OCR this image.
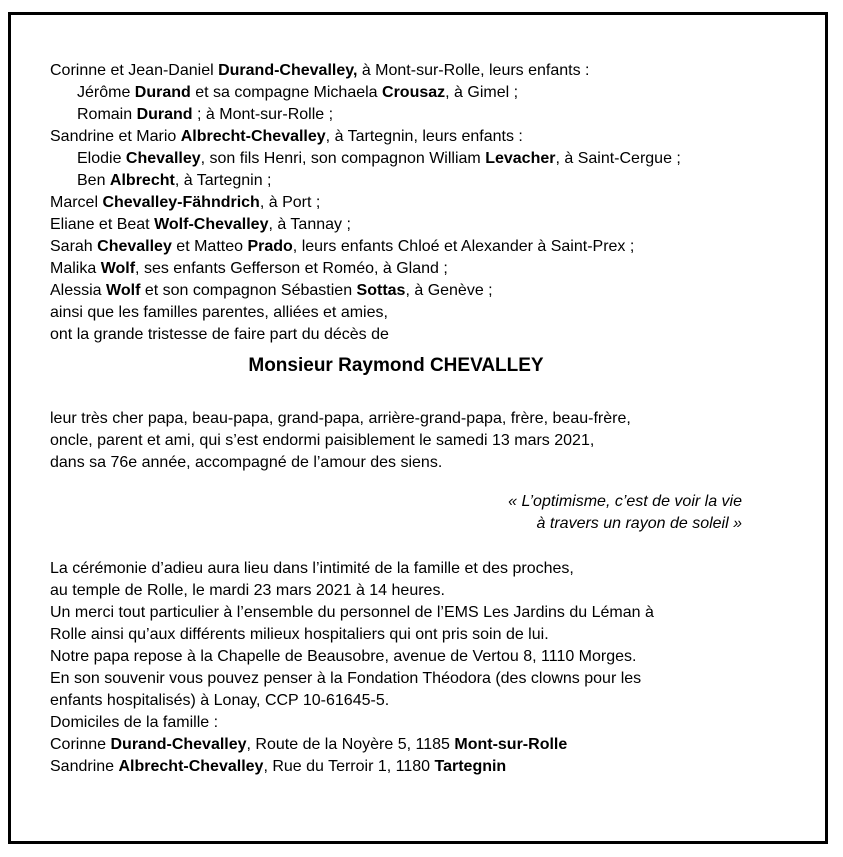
Corinne et Jean-Daniel Durand-Chevalley, à Mont-sur-Rolle, leurs enfants :
Jérôme Durand et sa compagne Michaela Crousaz, à Gimel ;
Romain Durand ; à Mont-sur-Rolle ;
Sandrine et Mario Albrecht-Chevalley, à Tartegnin, leurs enfants :
Elodie Chevalley, son fils Henri, son compagnon William Levacher, à Saint-Cergue ;
Ben Albrecht, à Tartegnin ;
Marcel Chevalley-Fähndrich, à Port ;
Eliane et Beat Wolf-Chevalley, à Tannay ;
Sarah Chevalley et Matteo Prado, leurs enfants Chloé et Alexander à Saint-Prex ;
Malika Wolf, ses enfants Gefferson et Roméo, à Gland ;
Alessia Wolf et son compagnon Sébastien Sottas, à Genève ;
ainsi que les familles parentes, alliées et amies,
ont la grande tristesse de faire part du décès de
Monsieur Raymond CHEVALLEY
leur très cher papa, beau-papa, grand-papa, arrière-grand-papa, frère, beau-frère,
oncle, parent et ami, qui s’est endormi paisiblement le samedi 13 mars 2021,
dans sa 76e année, accompagné de l’amour des siens.
« L’optimisme, c’est de voir la vie
à travers un rayon de soleil »
La cérémonie d’adieu aura lieu dans l’intimité de la famille et des proches,
au temple de Rolle, le mardi 23 mars 2021 à 14 heures.
Un merci tout particulier à l’ensemble du personnel de l’EMS Les Jardins du Léman à
Rolle ainsi qu’aux différents milieux hospitaliers qui ont pris soin de lui.
Notre papa repose à la Chapelle de Beausobre, avenue de Vertou 8, 1110 Morges.
En son souvenir vous pouvez penser à la Fondation Théodora (des clowns pour les
enfants hospitalisés) à Lonay, CCP 10-61645-5.
Domiciles de la famille :
Corinne Durand-Chevalley, Route de la Noyère 5, 1185 Mont-sur-Rolle
Sandrine Albrecht-Chevalley, Rue du Terroir 1, 1180 Tartegnin
